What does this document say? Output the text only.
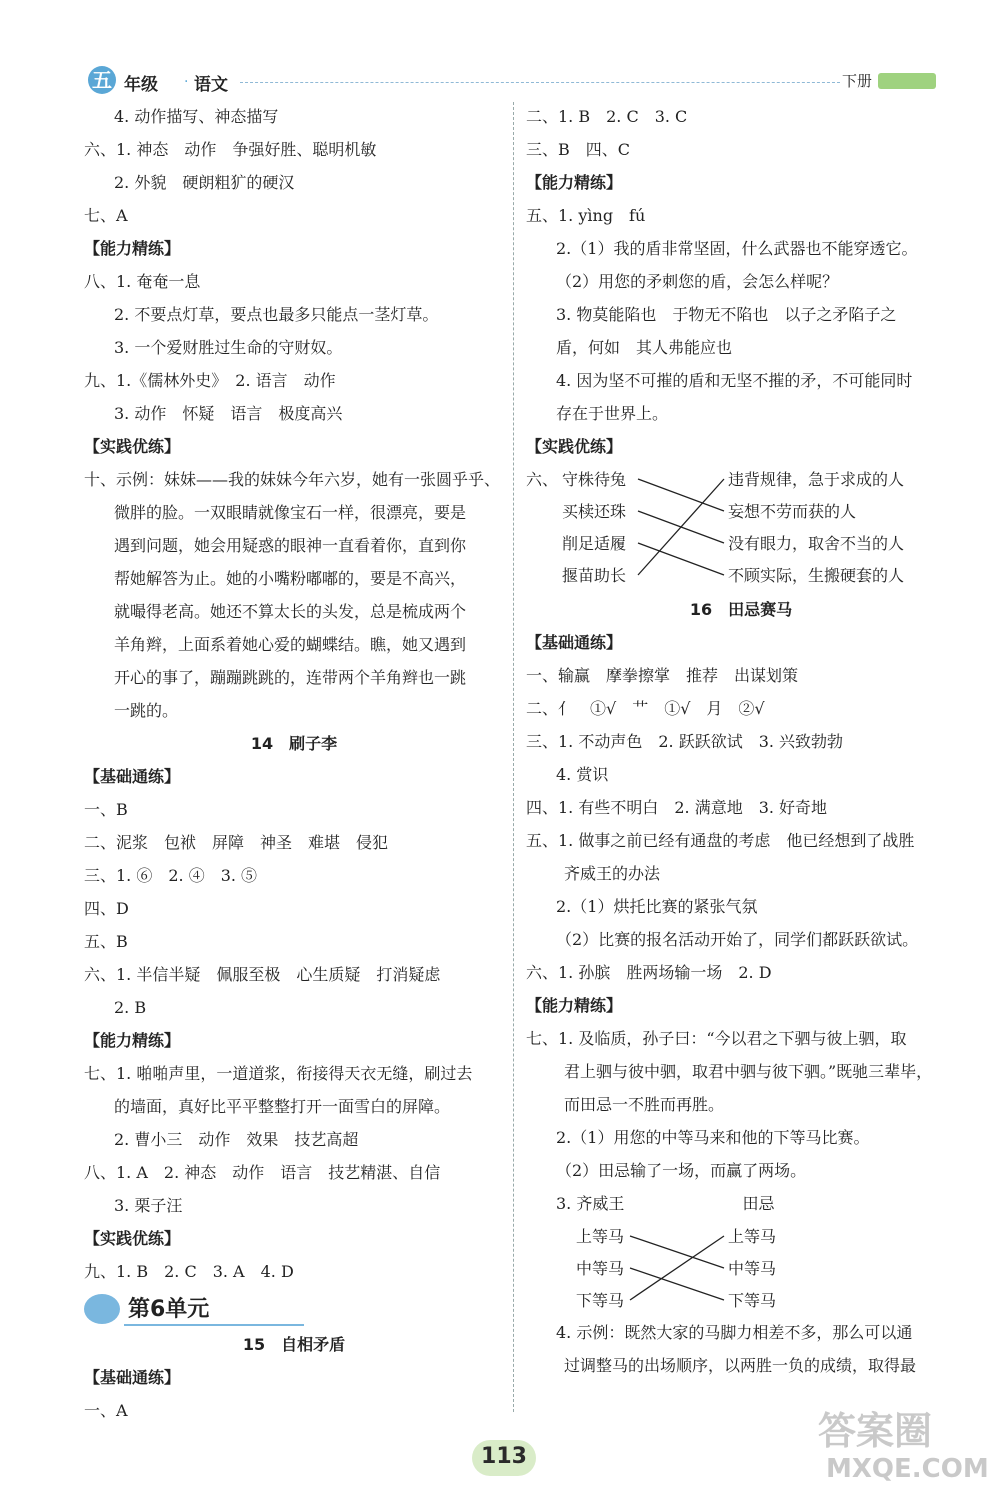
五 年级 · 语文	下册
4. 动作描写、神态描写
六、1. 神态　动作　争强好胜、聪明机敏
2. 外貌　硬朗粗犷的硬汉
七、A
【能力精练】
八、1. 奄奄一息
2. 不要点灯草，要点也最多只能点一茎灯草。
3. 一个爱财胜过生命的守财奴。
九、1.《儒林外史》　2. 语言　动作
3. 动作　怀疑　语言　极度高兴
【实践优练】
十、示例：妹妹——我的妹妹今年六岁，她有一张圆乎乎、
微胖的脸。一双眼睛就像宝石一样，很漂亮，要是
遇到问题，她会用疑惑的眼神一直看着你，直到你
帮她解答为止。她的小嘴粉嘟嘟的，要是不高兴，
就嘬得老高。她还不算太长的头发，总是梳成两个
羊角辫，上面系着她心爱的蝴蝶结。瞧，她又遇到
开心的事了，蹦蹦跳跳的，连带两个羊角辫也一跳
一跳的。
14　刷子李
【基础通练】
一、B
二、泥浆　包袱　屏障　神圣　难堪　侵犯
三、1. ⑥　2. ④　3. ⑤
四、D
五、B
六、1. 半信半疑　佩服至极　心生质疑　打消疑虑
2. B
【能力精练】
七、1. 啪啪声里，一道道浆，衔接得天衣无缝，刷过去
的墙面，真好比平平整整打开一面雪白的屏障。
2. 曹小三　动作　效果　技艺高超
八、1. A　2. 神态　动作　语言　技艺精湛、自信
3. 栗子汪
【实践优练】
九、1. B　2. C　3. A　4. D
第6单元
15　自相矛盾
【基础通练】
一、A
二、1. B　2. C　3. C
三、B　四、C
【能力精练】
五、1. yìng　fú
2.（1）我的盾非常坚固，什么武器也不能穿透它。
（2）用您的矛刺您的盾，会怎么样呢？
3. 物莫能陷也　于物无不陷也　以子之矛陷子之
盾，何如　其人弗能应也
4. 因为坚不可摧的盾和无坚不摧的矛，不可能同时
存在于世界上。
【实践优练】
六、 守株待兔
买椟还珠
削足适履
揠苗助长
违背规律，急于求成的人
妄想不劳而获的人
没有眼力，取舍不当的人
不顾实际，生搬硬套的人
16　田忌赛马
【基础通练】
一、输赢　摩拳擦掌　推荐　出谋划策
二、亻　①√　艹　①√　月　②√
三、1. 不动声色　2. 跃跃欲试　3. 兴致勃勃
4. 赏识
四、1. 有些不明白　2. 满意地　3. 好奇地
五、1. 做事之前已经有通盘的考虑　他已经想到了战胜
齐威王的办法
2.（1）烘托比赛的紧张气氛
（2）比赛的报名活动开始了，同学们都跃跃欲试。
六、1. 孙膑　胜两场输一场　2. D
【能力精练】
七、1. 及临质，孙子曰：“今以君之下驷与彼上驷，取
君上驷与彼中驷，取君中驷与彼下驷。”既驰三辈毕，
而田忌一不胜而再胜。
2.（1）用您的中等马来和他的下等马比赛。
（2）田忌输了一场，而赢了两场。
3. 齐威王	田忌
上等马
中等马
下等马
上等马
中等马
下等马
4. 示例：既然大家的马脚力相差不多，那么可以通
过调整马的出场顺序，以两胜一负的成绩，取得最
113
答案圈
MXQE.COM
